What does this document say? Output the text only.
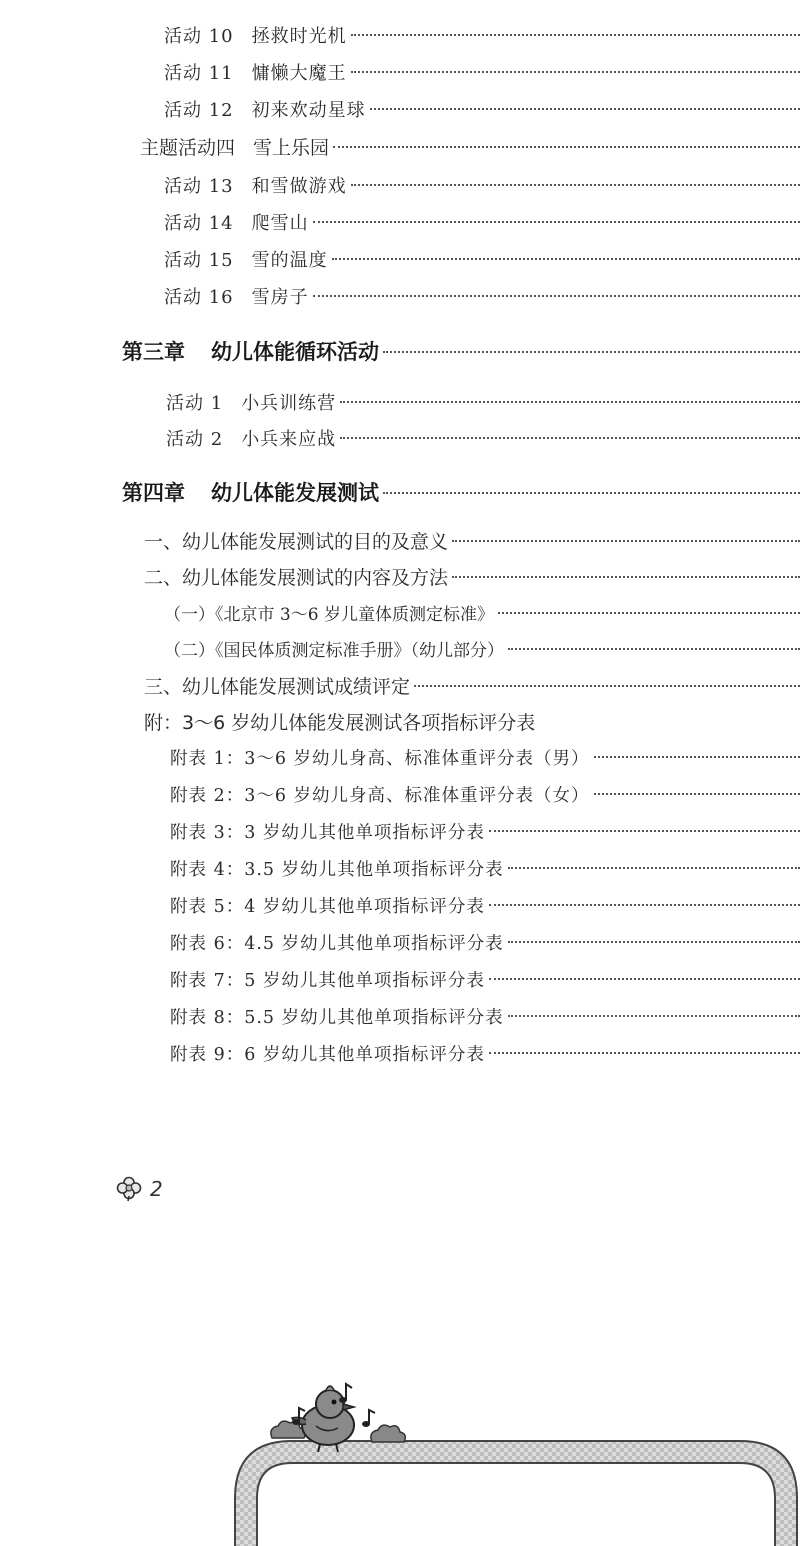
活动 10 拯救时光机
活动 11 慵懒大魔王
活动 12 初来欢动星球
主题活动四 雪上乐园
活动 13 和雪做游戏
活动 14 爬雪山
活动 15 雪的温度
活动 16 雪房子
第三章 幼儿体能循环活动
活动 1 小兵训练营
活动 2 小兵来应战
第四章 幼儿体能发展测试
一、幼儿体能发展测试的目的及意义
二、幼儿体能发展测试的内容及方法
（一）《北京市 3～6 岁儿童体质测定标准》
（二）《国民体质测定标准手册》（幼儿部分）
三、幼儿体能发展测试成绩评定
附：3～6 岁幼儿体能发展测试各项指标评分表
附表 1：3～6 岁幼儿身高、标准体重评分表（男）
附表 2：3～6 岁幼儿身高、标准体重评分表（女）
附表 3：3 岁幼儿其他单项指标评分表
附表 4：3.5 岁幼儿其他单项指标评分表
附表 5：4 岁幼儿其他单项指标评分表
附表 6：4.5 岁幼儿其他单项指标评分表
附表 7：5 岁幼儿其他单项指标评分表
附表 8：5.5 岁幼儿其他单项指标评分表
附表 9：6 岁幼儿其他单项指标评分表
2
